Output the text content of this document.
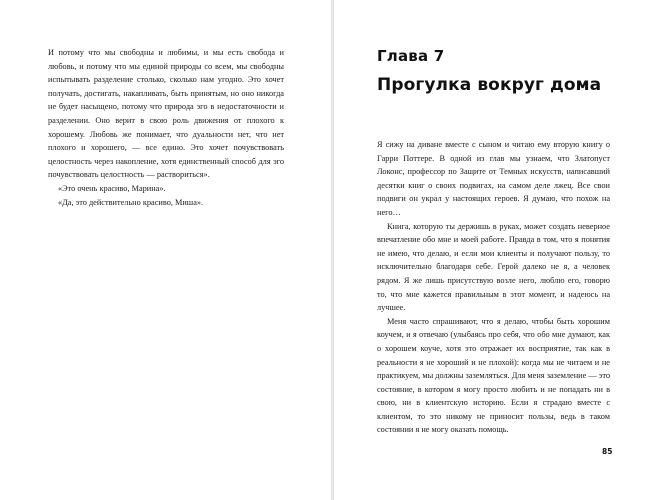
И потому что мы свободны и любимы, и мы есть свобода и любовь, и потому что мы единой природы со всем, мы свободны испытывать разделение столько, сколько нам угодно. Это хочет получать, достигать, накапливать, быть принятым, но оно никогда не будет насыщено, потому что природа эго в недостаточности и разделении. Оно верит в свою роль движения от плохого к хорошему. Любовь же понимает, что дуальности нет, что нет плохого и хорошего, — все едино. Это хочет почувствовать целостность через накопление, хотя единственный способ для эго почувствовать целостность — раствориться».

«Это очень красиво, Марина».

«Да, это действительно красиво, Миша».

Глава 7
Прогулка вокруг дома

Я сижу на диване вместе с сыном и читаю ему вторую книгу о Гарри Поттере. В одной из глав мы узнаем, что Златопуст Локонс, профессор по Защите от Темных искусств, написавший десятки книг о своих подвигах, на самом деле лжец. Все свои подвиги он украл у настоящих героев. Я думаю, что похож на него…

Книга, которую ты держишь в руках, может создать неверное впечатление обо мне и моей работе. Правда в том, что я понятия не имею, что делаю, и если мои клиенты и получают пользу, то исключительно благодаря себе. Герой далеко не я, а человек рядом. Я же лишь присутствую возле него, люблю его, говорю то, что мне кажется правильным в этот момент, и надеюсь на лучшее.

Меня часто спрашивают, что я делаю, чтобы быть хорошим коучем, и я отвечаю (улыбаясь про себя, что обо мне думают, как о хорошем коуче, хотя это отражает их восприятие, так как в реальности я не хороший и не плохой): когда мы не читаем и не практикуем, мы должны заземляться. Для меня заземление — это состояние, в котором я могу просто любить и не попадать ни в свою, ни в клиентскую историю. Если я страдаю вместе с клиентом, то это никому не приносит пользы, ведь в таком состоянии я не могу оказать помощь.

85
